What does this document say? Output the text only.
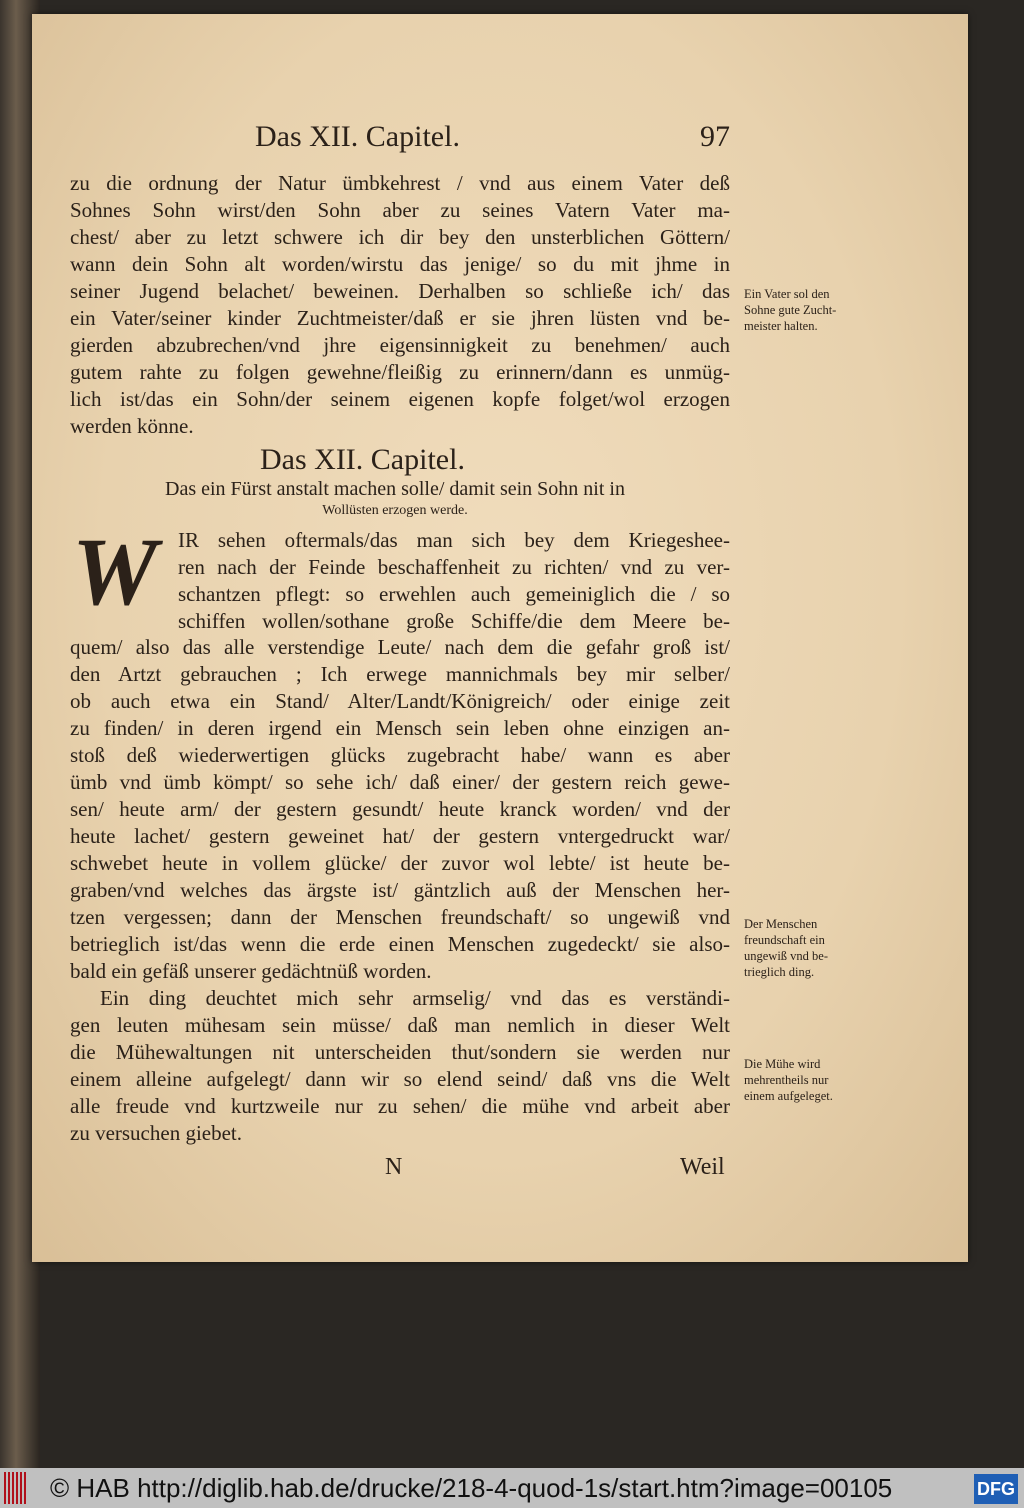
Das XII. Capitel.	97
Das XII. Capitel.
Das ein Fürst anstalt machen solle/ damit sein Sohn nit in
Wollüsten erzogen werde.
W
N	Weil
zu die ordnung der Natur ümbkehrest / vnd aus einem Vater deß
Sohnes Sohn wirst/den Sohn aber zu seines Vatern Vater ma-
chest/ aber zu letzt schwere ich dir bey den unsterblichen Göttern/
wann dein Sohn alt worden/wirstu das jenige/ so du mit jhme in
seiner Jugend belachet/ beweinen. Derhalben so schließe ich/ das
ein Vater/seiner kinder Zuchtmeister/daß er sie jhren lüsten vnd be-
gierden abzubrechen/vnd jhre eigensinnigkeit zu benehmen/ auch
gutem rahte zu folgen gewehne/fleißig zu erinnern/dann es unmüg-
lich ist/das ein Sohn/der seinem eigenen kopfe folget/wol erzogen
werden könne.
IR sehen oftermals/das man sich bey dem Kriegeshee-
ren nach der Feinde beschaffenheit zu richten/ vnd zu ver-
schantzen pflegt: so erwehlen auch gemeiniglich die / so
schiffen wollen/sothane große Schiffe/die dem Meere be-
quem/ also das alle verstendige Leute/ nach dem die gefahr groß ist/
den Artzt gebrauchen ; Ich erwege mannichmals bey mir selber/
ob auch etwa ein Stand/ Alter/Landt/Königreich/ oder einige zeit
zu finden/ in deren irgend ein Mensch sein leben ohne einzigen an-
stoß deß wiederwertigen glücks zugebracht habe/ wann es aber
ümb vnd ümb kömpt/ so sehe ich/ daß einer/ der gestern reich gewe-
sen/ heute arm/ der gestern gesundt/ heute kranck worden/ vnd der
heute lachet/ gestern geweinet hat/ der gestern vntergedruckt war/
schwebet heute in vollem glücke/ der zuvor wol lebte/ ist heute be-
graben/vnd welches das ärgste ist/ gäntzlich auß der Menschen her-
tzen vergessen; dann der Menschen freundschaft/ so ungewiß vnd
betrieglich ist/das wenn die erde einen Menschen zugedeckt/ sie also-
bald ein gefäß unserer gedächtnüß worden.
Ein ding deuchtet mich sehr armselig/ vnd das es verständi-
gen leuten mühesam sein müsse/ daß man nemlich in dieser Welt
die Mühewaltungen nit unterscheiden thut/sondern sie werden nur
einem alleine aufgelegt/ dann wir so elend seind/ daß vns die Welt
alle freude vnd kurtzweile nur zu sehen/ die mühe vnd arbeit aber
zu versuchen giebet.
Ein Vater sol den
Sohne gute Zucht-
meister halten.
Der Menschen
freundschaft ein
ungewiß vnd be-
trieglich ding.
Die Mühe wird
mehrentheils nur
einem aufgeleget.
© HAB http://diglib.hab.de/drucke/218-4-quod-1s/start.htm?image=00105	DFG
